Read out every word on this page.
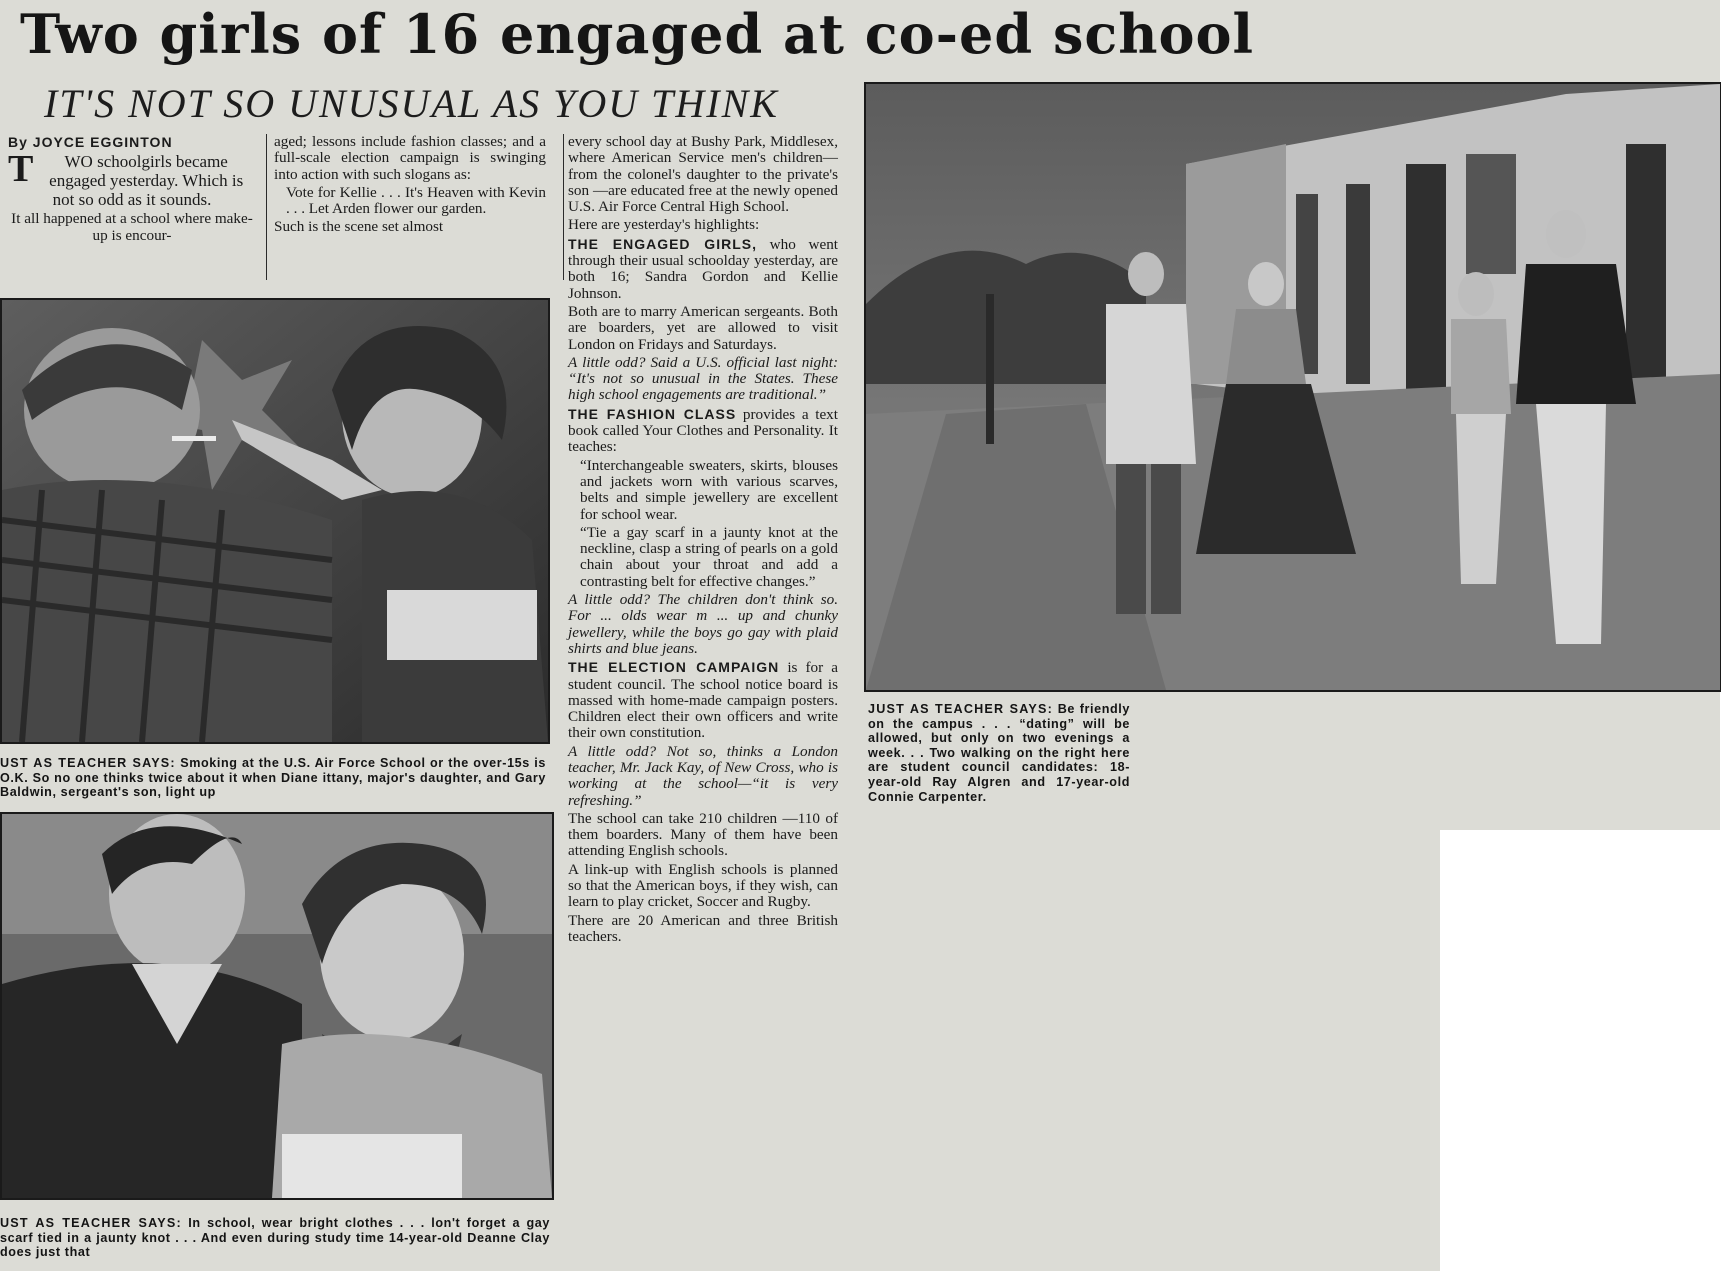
Two girls of 16 engaged at co-ed school
IT'S NOT SO UNUSUAL AS YOU THINK

By JOYCE EGGINTON

T WO schoolgirls became engaged yesterday. Which is not so odd as it sounds.

It all happened at a school where make-up is encour-

aged; lessons include fashion classes; and a full-scale election campaign is swinging into action with such slogans as:

Vote for Kellie . . . It's Heaven with Kevin . . . Let Arden flower our garden.

Such is the scene set almost

every school day at Bushy Park, Middlesex, where American Service men's children—from the colonel's daughter to the private's son —are educated free at the newly opened U.S. Air Force Central High School.

Here are yesterday's highlights:

THE ENGAGED GIRLS, who went through their usual schoolday yesterday, are both 16; Sandra Gordon and Kellie Johnson.

Both are to marry American sergeants. Both are boarders, yet are allowed to visit London on Fridays and Saturdays.

A little odd? Said a U.S. official last night: “It's not so unusual in the States. These high school engagements are traditional.”

THE FASHION CLASS provides a text book called Your Clothes and Personality. It teaches:

“Interchangeable sweaters, skirts, blouses and jackets worn with various scarves, belts and simple jewellery are excellent for school wear.

“Tie a gay scarf in a jaunty knot at the neckline, clasp a string of pearls on a gold chain about your throat and add a contrasting belt for effective changes.”

A little odd? The children don't think so. For ... olds wear m ... up and chunky jewellery, while the boys go gay with plaid shirts and blue jeans.

THE ELECTION CAMPAIGN is for a student council. The school notice board is massed with home-made campaign posters. Children elect their own officers and write their own constitution.

A little odd? Not so, thinks a London teacher, Mr. Jack Kay, of New Cross, who is working at the school—“it is very refreshing.”

The school can take 210 children —110 of them boarders. Many of them have been attending English schools.

A link-up with English schools is planned so that the American boys, if they wish, can learn to play cricket, Soccer and Rugby.

There are 20 American and three British teachers.

UST AS TEACHER SAYS: Smoking at the U.S. Air Force School or the over-15s is O.K. So no one thinks twice about it when Diane ittany, major's daughter, and Gary Baldwin, sergeant's son, light up
UST AS TEACHER SAYS: In school, wear bright clothes . . . lon't forget a gay scarf tied in a jaunty knot . . . And even during study time 14-year-old Deanne Clay does just that
JUST AS TEACHER SAYS: Be friendly on the campus . . . “dating” will be allowed, but only on two evenings a week. . . Two walking on the right here are student council candidates: 18-year-old Ray Algren and 17-year-old Connie Carpenter.
